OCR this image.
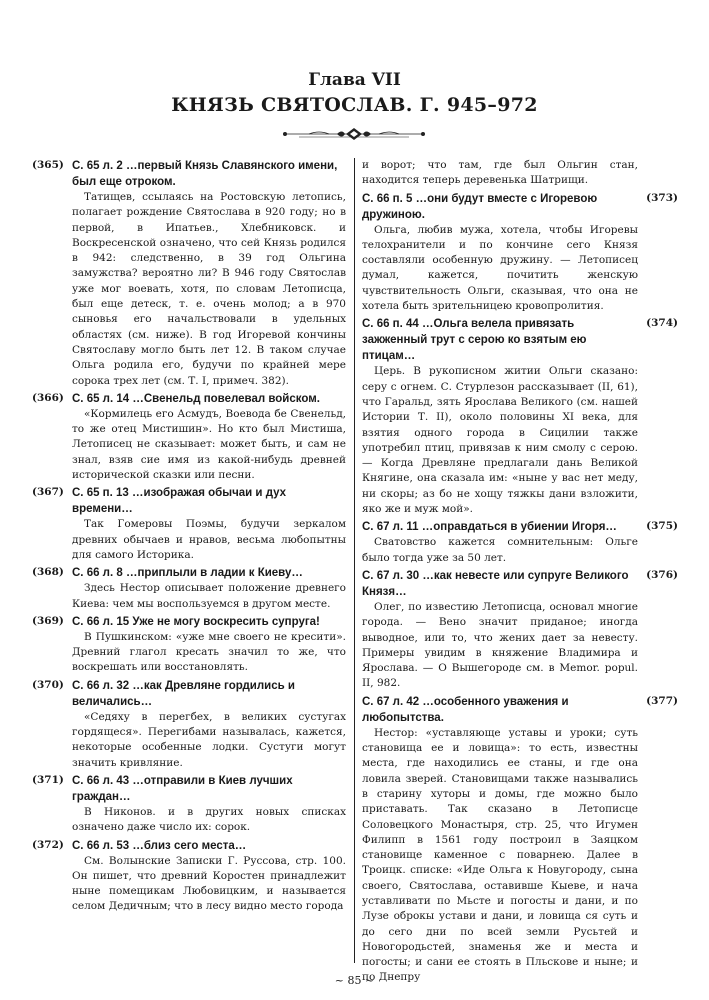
Глава VII
КНЯЗЬ СВЯТОСЛАВ. Г. 945–972
(365) С. 65 л. 2 …первый Князь Славянского имени, был еще отроком.

Татищев, ссылаясь на Ростовскую летопись, полагает рождение Святослава в 920 году; но в первой, в Ипатьев., Хлебниковск. и Воскресенской означено, что сей Князь родился в 942: следственно, в 39 год Ольгина замужства? вероятно ли? В 946 году Святослав уже мог воевать, хотя, по словам Летописца, был еще детеск, т. е. очень молод; а в 970 сыновья его начальствовали в удельных областях (см. ниже). В год Игоревой кончины Святославу могло быть лет 12. В таком случае Ольга родила его, будучи по крайней мере сорока трех лет (см. Т. I, примеч. 382).

(366) С. 65 л. 14 …Свенельд повелевал войском.

«Кормилець его Асмудъ, Воевода бе Свенельд, то же отец Мистишин». Но кто был Мистиша, Летописец не сказывает: может быть, и сам не знал, взяв сие имя из какой-нибудь древней исторической сказки или песни.

(367) С. 65 п. 13 …изображая обычаи и дух времени…

Так Гомеровы Поэмы, будучи зеркалом древних обычаев и нравов, весьма любопытны для самого Историка.

(368) С. 66 л. 8 …приплыли в ладии к Киеву…

Здесь Нестор описывает положение древнего Киева: чем мы воспользуемся в другом месте.

(369) С. 66 л. 15 Уже не могу воскресить супруга!

В Пушкинском: «уже мне своего не кресити». Древний глагол кресать значил то же, что воскрешать или восстановлять.

(370) С. 66 л. 32 …как Древляне гордились и величались…

«Седяху в перегбех, в великих сустугах гордящеся». Перегибами называлась, кажется, некоторые особенные лодки. Сустуги могут значить кривляние.

(371) С. 66 л. 43 …отправили в Киев лучших граждан…

В Никонов. и в других новых списках означено даже число их: сорок.

(372) С. 66 л. 53 …близ сего места…

См. Волынские Записки Г. Руссова, стр. 100. Он пишет, что древний Коростен принадлежит ныне помещикам Любовицким, и называется селом Дедичным; что в лесу видно место города

и ворот; что там, где был Ольгин стан, находится теперь деревенька Шатрищи.

(373)

С. 66 п. 5 …они будут вместе с Игоревою дружиною.

Ольга, любив мужа, хотела, чтобы Игоревы телохранители и по кончине сего Князя составляли особенную дружину. — Летописец думал, кажется, почитить женскую чувствительность Ольги, сказывая, что она не хотела быть зрительницею кровопролития.

(374)

С. 66 п. 44 …Ольга велела привязать зажженный трут с серою ко взятым ею птицам…

Церь. В рукописном житии Ольги сказано: серу с огнем. С. Стурлезон рассказывает (II, 61), что Гаральд, зять Ярослава Великого (см. нашей Истории Т. II), около половины XI века, для взятия одного города в Сицилии также употребил птиц, привязав к ним смолу с серою. — Когда Древляне предлагали дань Великой Княгине, она сказала им: «ныне у вас нет меду, ни скоры; аз бо не хощу тяжкы дани взложити, яко же и муж мой».

(375)

С. 67 л. 11 …оправдаться в убиении Игоря…

Сватовство кажется сомнительным: Ольге было тогда уже за 50 лет.

(376)

С. 67 л. 30 …как невесте или супруге Великого Князя…

Олег, по известию Летописца, основал многие города. — Вено значит приданое; иногда выводное, или то, что жених дает за невесту. Примеры увидим в княжение Владимира и Ярослава. — О Вышегороде см. в Memor. popul. II, 982.

(377)

С. 67 л. 42 …особенного уважения и любопытства.

Нестор: «уставляюще уставы и уроки; суть становища ее и ловища»: то есть, известны места, где находились ее станы, и где она ловила зверей. Становищами также назывались в старину хуторы и домы, где можно было приставать. Так сказано в Летописце Соловецкого Монастыря, стр. 25, что Игумен Филипп в 1561 году построил в Заяцком становище каменное с поварнею. Далее в Троицк. списке: «Иде Ольга к Новугороду, сына своего, Святослава, оставивше Кыеве, и нача уставливати по Мьсте и погосты и дани, и по Лузе оброкы устави и дани, и ловища ся суть и до сего дни по всей земли Русьтей и Новогородьстей, знаменья же и места и погосты; и сани ее стоять в Пльскове и ныне; и по Днепру

~ 85 ~
